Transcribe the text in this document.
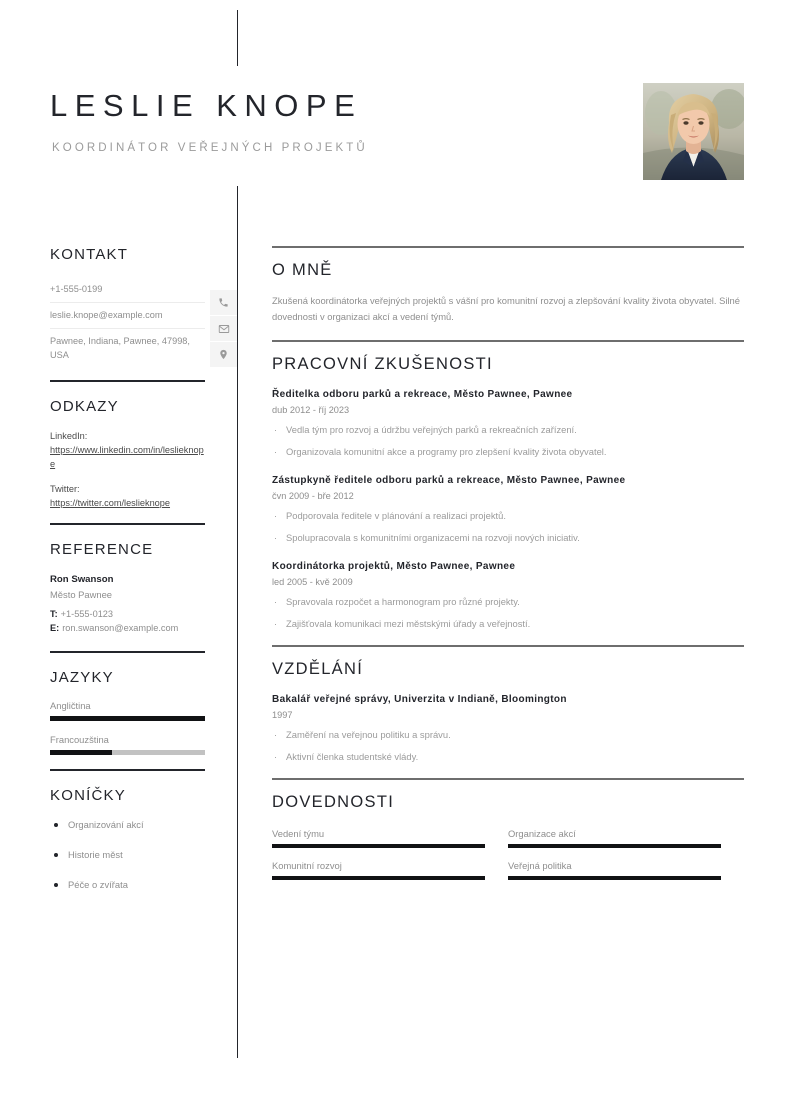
LESLIE KNOPE
KOORDINÁTOR VEŘEJNÝCH PROJEKTŮ
KONTAKT
+1-555-0199
leslie.knope@example.com
Pawnee, Indiana, Pawnee, 47998, USA
ODKAZY
LinkedIn:
https://www.linkedin.com/in/leslieknope
Twitter:
https://twitter.com/leslieknope
REFERENCE
Ron Swanson
Město Pawnee
T: +1-555-0123
E: ron.swanson@example.com
JAZYKY
Angličtina
Francouzština
KONÍČKY
Organizování akcí
Historie měst
Péče o zvířata
O MNĚ
Zkušená koordinátorka veřejných projektů s vášní pro komunitní rozvoj a zlepšování kvality života obyvatel. Silné dovednosti v organizaci akcí a vedení týmů.
PRACOVNÍ ZKUŠENOSTI
Ředitelka odboru parků a rekreace, Město Pawnee, Pawnee
dub 2012 - říj 2023
· Vedla tým pro rozvoj a údržbu veřejných parků a rekreačních zařízení.
· Organizovala komunitní akce a programy pro zlepšení kvality života obyvatel.
Zástupkyně ředitele odboru parků a rekreace, Město Pawnee, Pawnee
čvn 2009 - bře 2012
· Podporovala ředitele v plánování a realizaci projektů.
· Spolupracovala s komunitními organizacemi na rozvoji nových iniciativ.
Koordinátorka projektů, Město Pawnee, Pawnee
led 2005 - kvě 2009
· Spravovala rozpočet a harmonogram pro různé projekty.
· Zajišťovala komunikaci mezi městskými úřady a veřejností.
VZDĚLÁNÍ
Bakalář veřejné správy, Univerzita v Indianě, Bloomington
1997
· Zaměření na veřejnou politiku a správu.
· Aktivní členka studentské vlády.
DOVEDNOSTI
Vedení týmu	Organizace akcí
Komunitní rozvoj	Veřejná politika
